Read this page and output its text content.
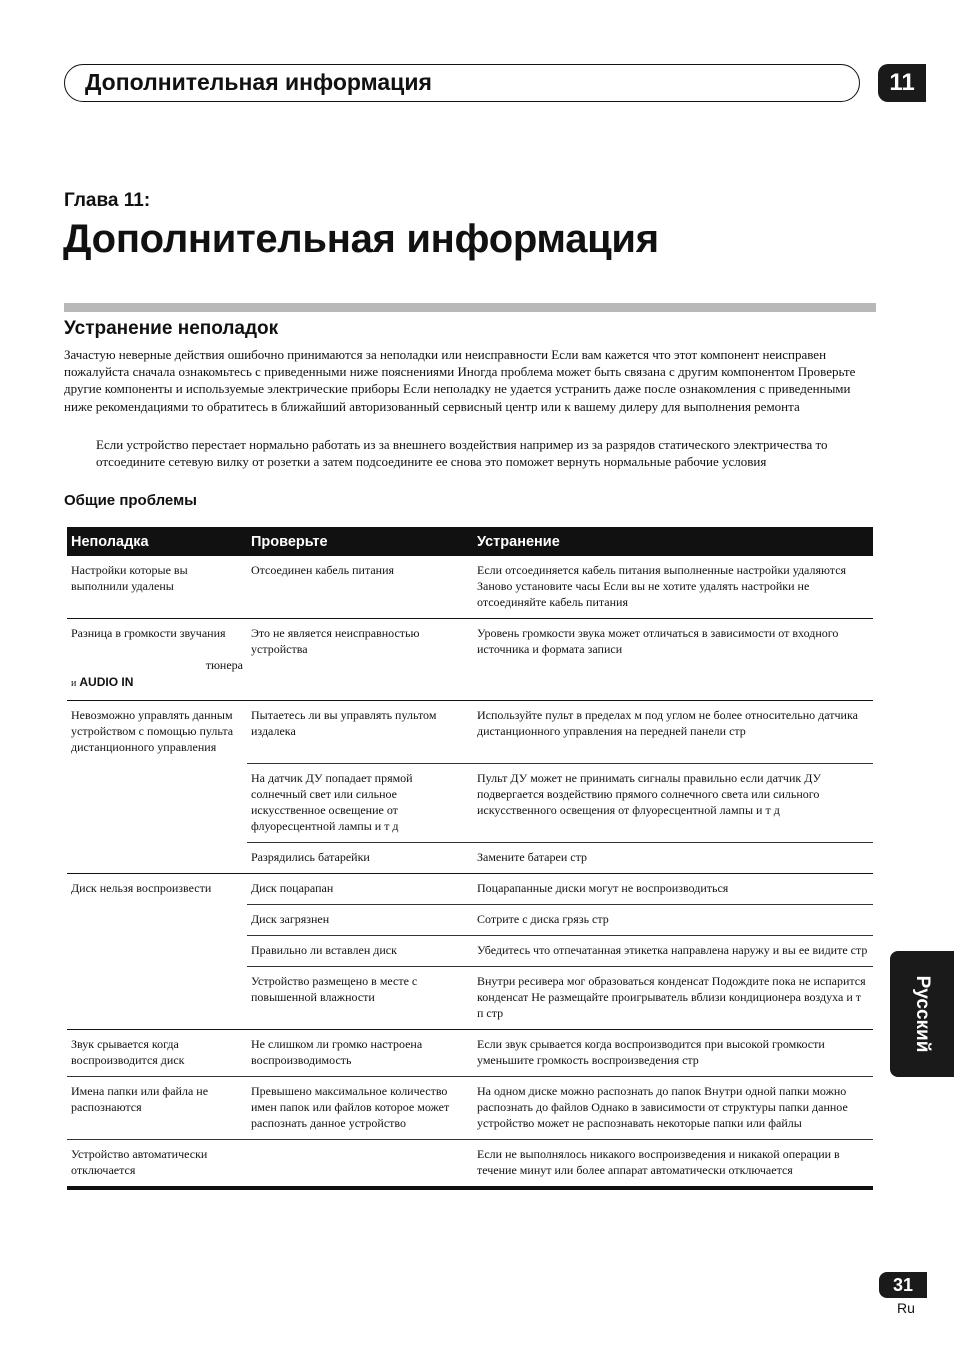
Дополнительная информация	11
Глава 11:
Дополнительная информация
Устранение неполадок
Зачастую неверные действия ошибочно принимаются за неполадки или неисправности Если вам кажется что этот компонент неисправен пожалуйста сначала ознакомьтесь с приведенными ниже пояснениями Иногда проблема может быть связана с другим компонентом Проверьте другие компоненты и используемые электрические приборы Если неполадку не удается устранить даже после ознакомления с приведенными ниже рекомендациями то обратитесь в ближайший авторизованный сервисный центр или к вашему дилеру для выполнения ремонта
Если устройство перестает нормально работать из за внешнего воздействия например из за разрядов статического электричества то отсоедините сетевую вилку от розетки а затем подсоедините ее снова это поможет вернуть нормальные рабочие условия
Общие проблемы
Неполадка	Проверьте	Устранение
Настройки которые вы выполнили удалены	Отсоединен кабель питания	Если отсоединяется кабель питания выполненные настройки удаляются Заново установите часы Если вы не хотите удалять настройки не отсоединяйте кабель питания

Разница в громкости звучания
тюнера
и AUDIO IN	Это не является неисправностью устройства	Уровень громкости звука может отличаться в зависимости от входного источника и формата записи
Невозможно управлять данным устройством с помощью пульта дистанционного управления	Пытаетесь ли вы управлять пультом издалека	Используйте пульт в пределах м под углом не более относительно датчика дистанционного управления на передней панели стр
	На датчик ДУ попадает прямой солнечный свет или сильное искусственное освещение от флуоресцентной лампы и т д	Пульт ДУ может не принимать сигналы правильно если датчик ДУ подвергается воздействию прямого солнечного света или сильного искусственного освещения от флуоресцентной лампы и т д
	Разрядились батарейки	Замените батареи стр
Диск нельзя воспроизвести	Диск поцарапан	Поцарапанные диски могут не воспроизводиться
	Диск загрязнен	Сотрите с диска грязь стр
	Правильно ли вставлен диск	Убедитесь что отпечатанная этикетка направлена наружу и вы ее видите стр
	Устройство размещено в месте с повышенной влажности	Внутри ресивера мог образоваться конденсат Подождите пока не испарится конденсат Не размещайте проигрыватель вблизи кондиционера воздуха и т п стр
Звук срывается когда воспроизводится диск	Не слишком ли громко настроена воспроизводимость	Если звук срывается когда воспроизводится при высокой громкости уменьшите громкость воспроизведения стр
Имена папки или файла не распознаются	Превышено максимальное количество имен папок или файлов которое может распознать данное устройство	На одном диске можно распознать до папок Внутри одной папки можно распознать до файлов Однако в зависимости от структуры папки данное устройство может не распознавать некоторые папки или файлы
Устройство автоматически отключается		Если не выполнялось никакого воспроизведения и никакой операции в течение минут или более аппарат автоматически отключается
Русский
31
Ru
